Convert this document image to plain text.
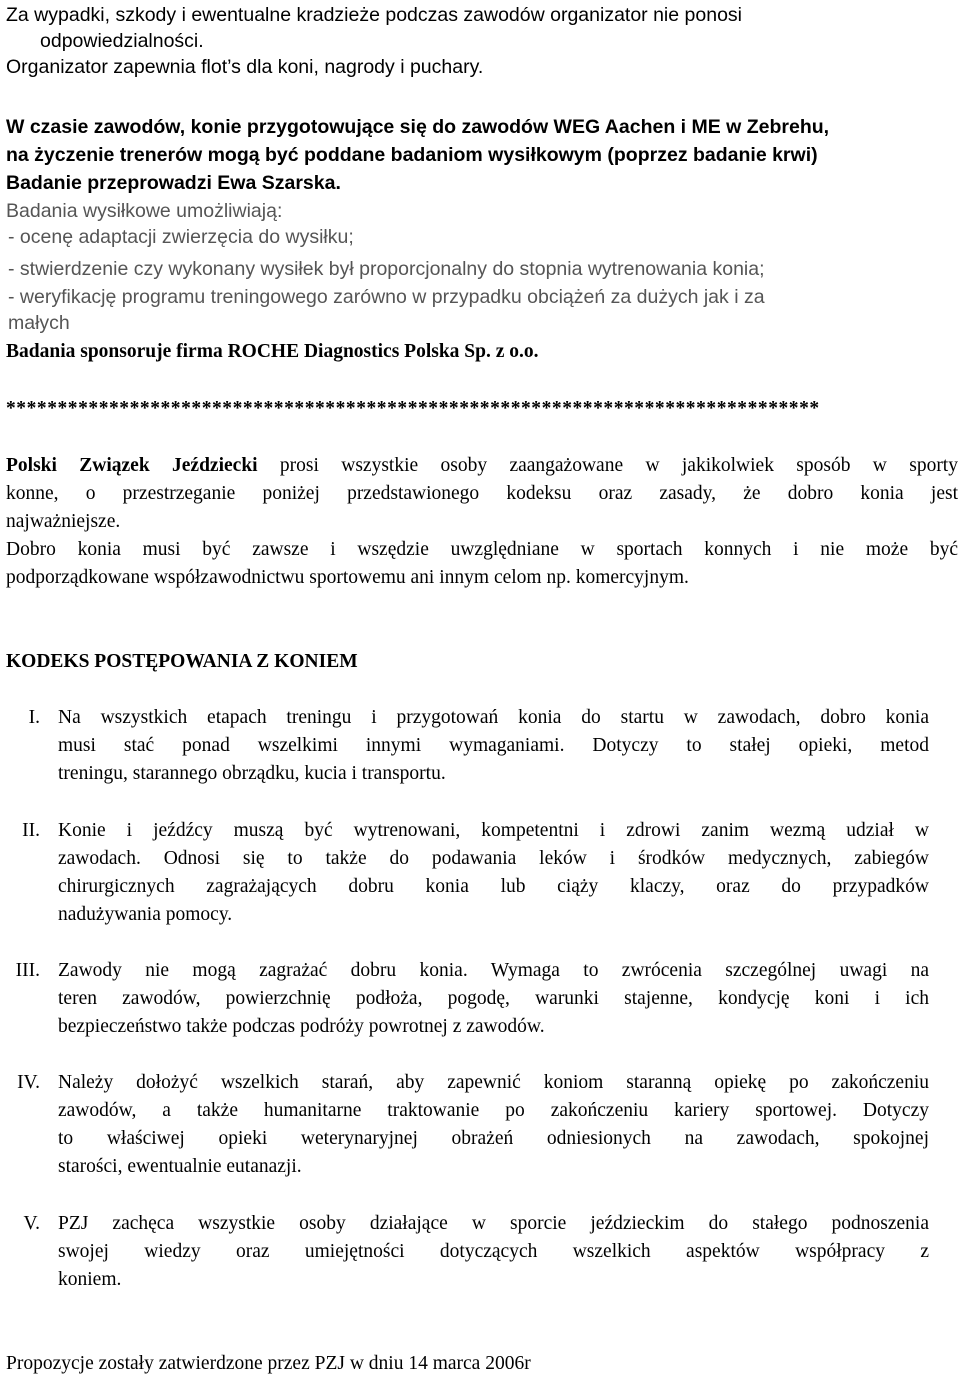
Za wypadki, szkody i ewentualne kradzieże podczas zawodów organizator nie ponosi
odpowiedzialności.
Organizator zapewnia flot’s dla koni, nagrody i puchary.
W czasie zawodów, konie przygotowujące się do zawodów WEG Aachen i ME w Zebrehu,
na życzenie trenerów mogą być poddane badaniom wysiłkowym (poprzez badanie krwi)
Badanie przeprowadzi Ewa Szarska.
Badania wysiłkowe umożliwiają:
- ocenę adaptacji zwierzęcia do wysiłku;
- stwierdzenie czy wykonany wysiłek był proporcjonalny do stopnia wytrenowania konia;
- weryfikację programu treningowego zarówno w przypadku obciążeń za dużych jak i za
małych
Badania sponsoruje firma ROCHE Diagnostics Polska Sp. z o.o.
*******************************************************************************

Polski Związek Jeździecki prosi wszystkie osoby zaangażowane w jakikolwiek sposób w sporty

konne, o przestrzeganie poniżej przedstawionego kodeksu oraz zasady, że dobro konia jest

najważniejsze.

Dobro konia musi być zawsze i wszędzie uwzględniane w sportach konnych i nie może być

podporządkowane współzawodnictwu sportowemu ani innym celom np. komercyjnym.

KODEKS POSTĘPOWANIA Z KONIEM
I. Na wszystkich etapach treningu i przygotowań konia do startu w zawodach, dobro konia

musi stać ponad wszelkimi innymi wymaganiami. Dotyczy to stałej opieki, metod

treningu, starannego obrządku, kucia i transportu.

II. Konie i jeźdźcy muszą być wytrenowani, kompetentni i zdrowi zanim wezmą udział w

zawodach. Odnosi się to także do podawania leków i środków medycznych, zabiegów

chirurgicznych zagrażających dobru konia lub ciąży klaczy, oraz do przypadków

nadużywania pomocy.

III. Zawody nie mogą zagrażać dobru konia. Wymaga to zwrócenia szczególnej uwagi na

teren zawodów, powierzchnię podłoża, pogodę, warunki stajenne, kondycję koni i ich

bezpieczeństwo także podczas podróży powrotnej z zawodów.

IV. Należy dołożyć wszelkich starań, aby zapewnić koniom staranną opiekę po zakończeniu

zawodów, a także humanitarne traktowanie po zakończeniu kariery sportowej. Dotyczy

to właściwej opieki weterynaryjnej obrażeń odniesionych na zawodach, spokojnej

starości, ewentualnie eutanazji.

V. PZJ zachęca wszystkie osoby działające w sporcie jeździeckim do stałego podnoszenia

swojej wiedzy oraz umiejętności dotyczących wszelkich aspektów współpracy z

koniem.

Propozycje zostały zatwierdzone przez PZJ w dniu 14 marca 2006r
